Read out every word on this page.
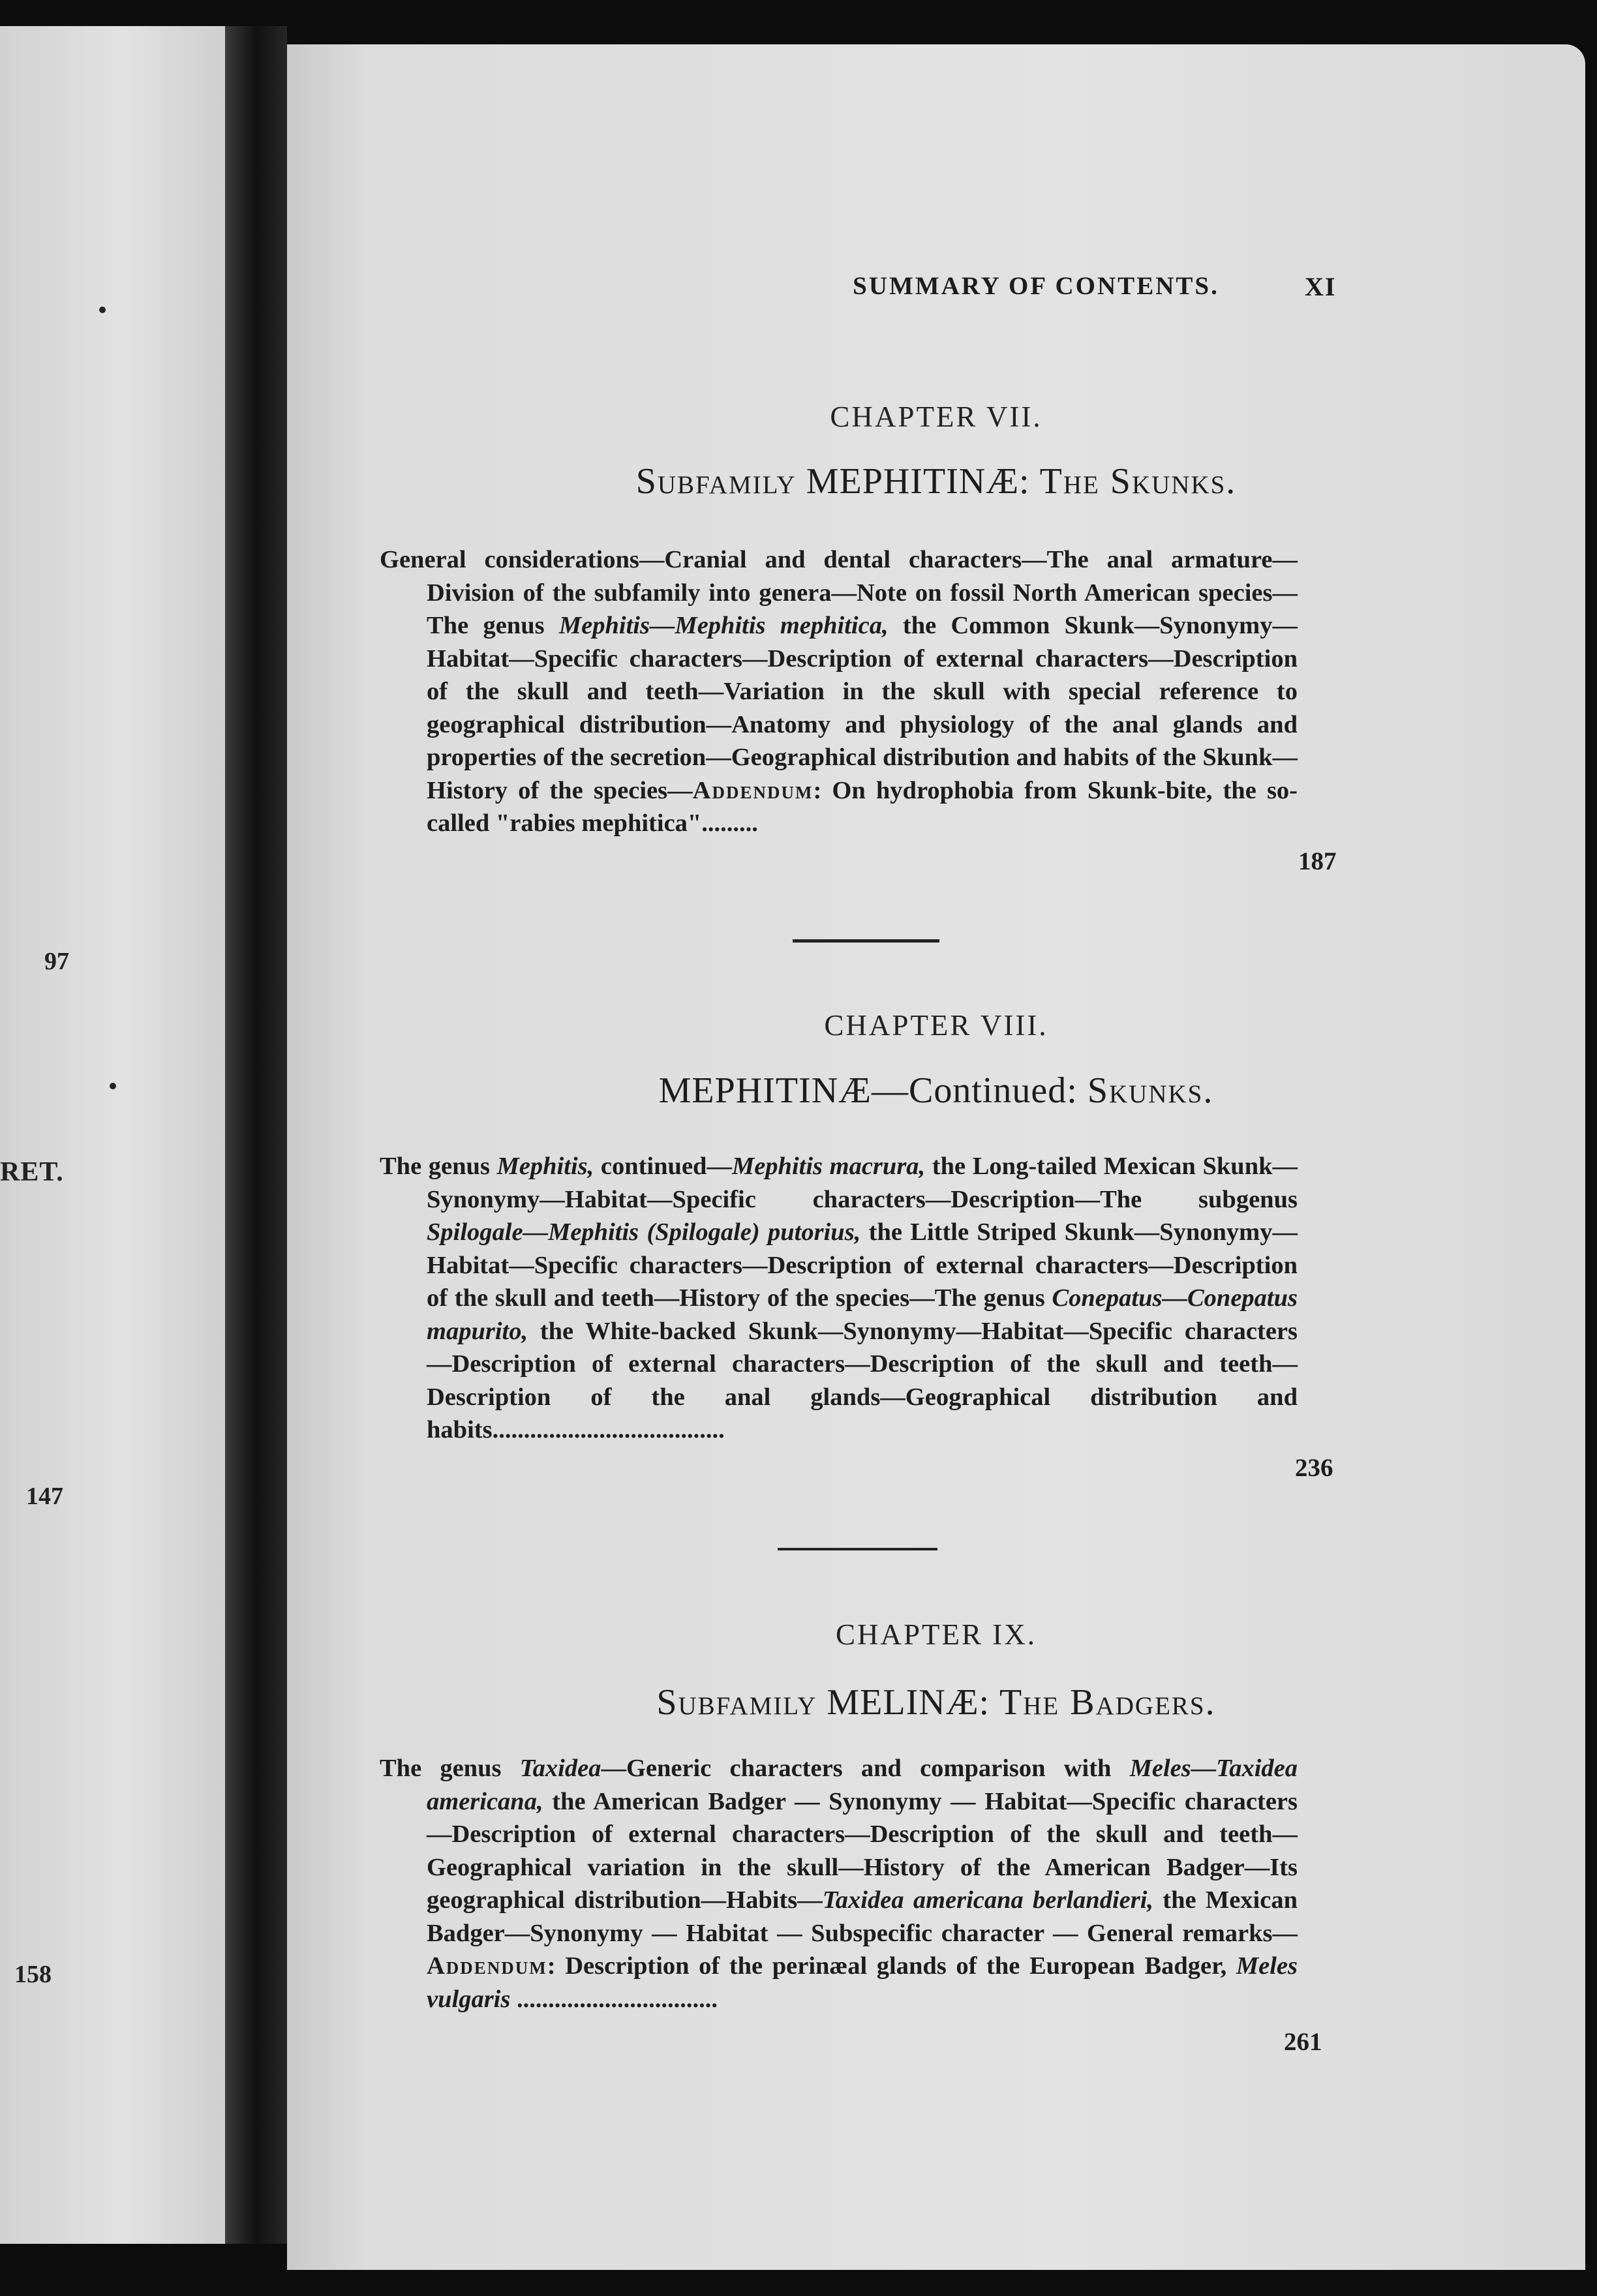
97
RET.
147
158
SUMMARY OF CONTENTS.	XI
CHAPTER VII.
Subfamily MEPHITINÆ: The Skunks.
General considerations—Cranial and dental characters—The anal armature—Division of the subfamily into genera—Note on fossil North American species—The genus Mephitis—Mephitis mephitica, the Common Skunk—Synonymy—Habitat—Specific characters—Description of external characters—Description of the skull and teeth—Variation in the skull with special reference to geographical distribution—Anatomy and physiology of the anal glands and properties of the secretion—Geographical distribution and habits of the Skunk—History of the species—Addendum: On hydrophobia from Skunk-bite, the so-called "rabies mephitica".........
187
CHAPTER VIII.
MEPHITINÆ—Continued: Skunks.
The genus Mephitis, continued—Mephitis macrura, the Long-tailed Mexican Skunk—Synonymy—Habitat—Specific characters—Description—The subgenus Spilogale—Mephitis (Spilogale) putorius, the Little Striped Skunk—Synonymy—Habitat—Specific characters—Description of external characters—Description of the skull and teeth—History of the species—The genus Conepatus—Conepatus mapurito, the White-backed Skunk—Synonymy—Habitat—Specific characters—Description of external characters—Description of the skull and teeth—Description of the anal glands—Geographical distribution and habits.....................................
236
CHAPTER IX.
Subfamily MELINÆ: The Badgers.
The genus Taxidea—Generic characters and comparison with Meles—Taxidea americana, the American Badger — Synonymy — Habitat—Specific characters—Description of external characters—Description of the skull and teeth—Geographical variation in the skull—History of the American Badger—Its geographical distribution—Habits—Taxidea americana berlandieri, the Mexican Badger—Synonymy — Habitat — Subspecific character — General remarks—Addendum: Description of the perinæal glands of the European Badger, Meles vulgaris ................................
261
